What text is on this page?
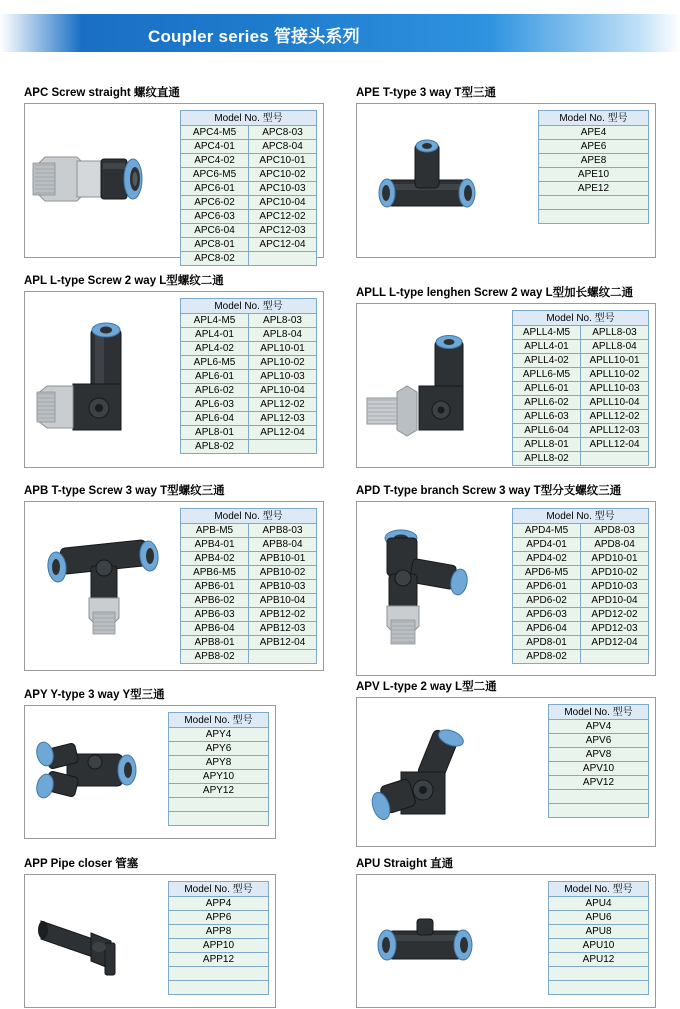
Coupler series 管接头系列
APC Screw straight 螺纹直通
Model No. 型号	
APC4-M5	APC8-03
APC4-01	APC8-04
APC4-02	APC10-01
APC6-M5	APC10-02
APC6-01	APC10-03
APC6-02	APC10-04
APC6-03	APC12-02
APC6-04	APC12-03
APC8-01	APC12-04
APC8-02	
APE T-type 3 way T型三通
Model No. 型号
APE4
APE6
APE8
APE10
APE12

APL L-type Screw 2 way L型螺纹二通
Model No. 型号	
APL4-M5	APL8-03
APL4-01	APL8-04
APL4-02	APL10-01
APL6-M5	APL10-02
APL6-01	APL10-03
APL6-02	APL10-04
APL6-03	APL12-02
APL6-04	APL12-03
APL8-01	APL12-04
APL8-02	
APLL L-type lenghen Screw 2 way L型加长螺纹二通
Model No. 型号	
APLL4-M5	APLL8-03
APLL4-01	APLL8-04
APLL4-02	APLL10-01
APLL6-M5	APLL10-02
APLL6-01	APLL10-03
APLL6-02	APLL10-04
APLL6-03	APLL12-02
APLL6-04	APLL12-03
APLL8-01	APLL12-04
APLL8-02	
APB T-type Screw 3 way T型螺纹三通
Model No. 型号	
APB-M5	APB8-03
APB4-01	APB8-04
APB4-02	APB10-01
APB6-M5	APB10-02
APB6-01	APB10-03
APB6-02	APB10-04
APB6-03	APB12-02
APB6-04	APB12-03
APB8-01	APB12-04
APB8-02	
APD T-type branch Screw 3 way T型分支螺纹三通
Model No. 型号	
APD4-M5	APD8-03
APD4-01	APD8-04
APD4-02	APD10-01
APD6-M5	APD10-02
APD6-01	APD10-03
APD6-02	APD10-04
APD6-03	APD12-02
APD6-04	APD12-03
APD8-01	APD12-04
APD8-02	
APY Y-type 3 way Y型三通
Model No. 型号
APY4
APY6
APY8
APY10
APY12

APV L-type 2 way L型二通
Model No. 型号
APV4
APV6
APV8
APV10
APV12

APP Pipe closer 管塞
Model No. 型号
APP4
APP6
APP8
APP10
APP12

APU Straight 直通
Model No. 型号
APU4
APU6
APU8
APU10
APU12
